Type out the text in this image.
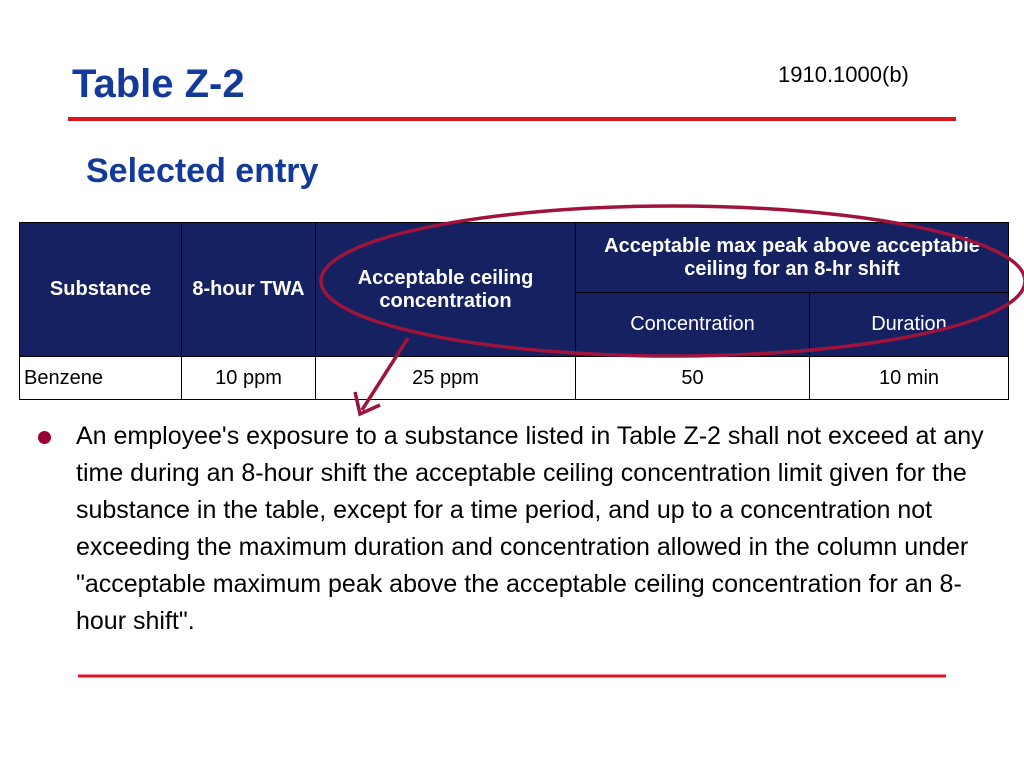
Table Z-2	1910.1000(b)
Selected entry
Substance	8-hour TWA	Acceptable ceiling concentration	Acceptable max peak above acceptable ceiling for an 8-hr shift	
			Concentration	Duration
Benzene	10 ppm	25 ppm	50	10 min
An employee's exposure to a substance listed in Table Z-2 shall not exceed at any time during an 8-hour shift the acceptable ceiling concentration limit given for the substance in the table, except for a time period, and up to a concentration not exceeding the maximum duration and concentration allowed in the column under "acceptable maximum peak above the acceptable ceiling concentration for an 8-hour shift".
